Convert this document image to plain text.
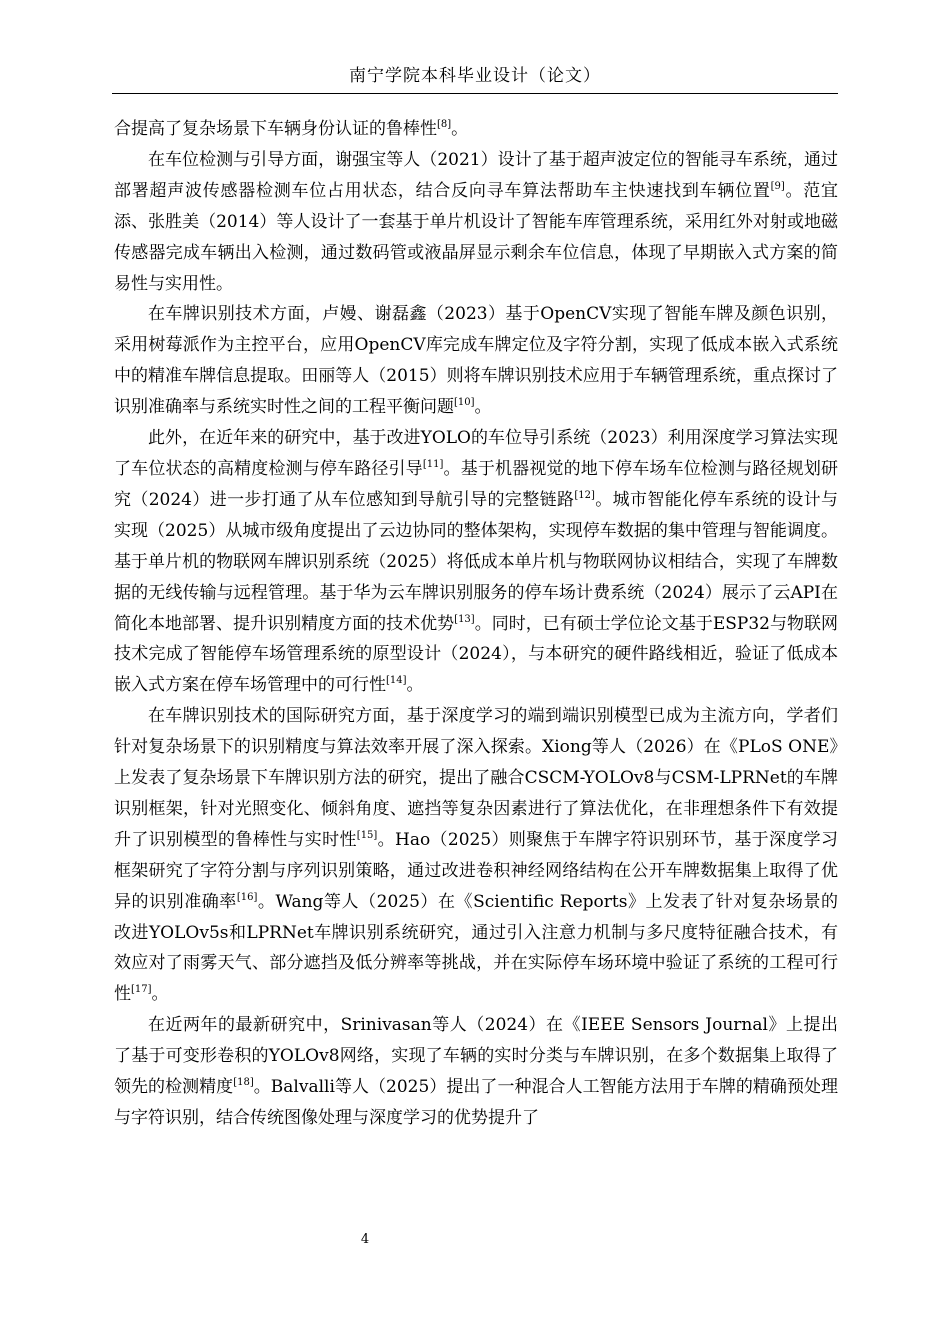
南宁学院本科毕业设计（论文）

合提高了复杂场景下车辆身份认证的鲁棒性[8]。

在车位检测与引导方面，谢强宝等人（2021）设计了基于超声波定位的智能寻车系统，通过部署超声波传感器检测车位占用状态，结合反向寻车算法帮助车主快速找到车辆位置[9]。范宜添、张胜美（2014）等人设计了一套基于单片机设计了智能车库管理系统，采用红外对射或地磁传感器完成车辆出入检测，通过数码管或液晶屏显示剩余车位信息，体现了早期嵌入式方案的简易性与实用性。

在车牌识别技术方面，卢嫚、谢磊鑫（2023）基于OpenCV实现了智能车牌及颜色识别，采用树莓派作为主控平台，应用OpenCV库完成车牌定位及字符分割，实现了低成本嵌入式系统中的精准车牌信息提取。田丽等人（2015）则将车牌识别技术应用于车辆管理系统，重点探讨了识别准确率与系统实时性之间的工程平衡问题[10]。

此外，在近年来的研究中，基于改进YOLO的车位导引系统（2023）利用深度学习算法实现了车位状态的高精度检测与停车路径引导[11]。基于机器视觉的地下停车场车位检测与路径规划研究（2024）进一步打通了从车位感知到导航引导的完整链路[12]。城市智能化停车系统的设计与实现（2025）从城市级角度提出了云边协同的整体架构，实现停车数据的集中管理与智能调度。基于单片机的物联网车牌识别系统（2025）将低成本单片机与物联网协议相结合，实现了车牌数据的无线传输与远程管理。基于华为云车牌识别服务的停车场计费系统（2024）展示了云API在简化本地部署、提升识别精度方面的技术优势[13]。同时，已有硕士学位论文基于ESP32与物联网技术完成了智能停车场管理系统的原型设计（2024），与本研究的硬件路线相近，验证了低成本嵌入式方案在停车场管理中的可行性[14]。

在车牌识别技术的国际研究方面，基于深度学习的端到端识别模型已成为主流方向，学者们针对复杂场景下的识别精度与算法效率开展了深入探索。Xiong等人（2026）在《PLoS ONE》上发表了复杂场景下车牌识别方法的研究，提出了融合CSCM-YOLOv8与CSM-LPRNet的车牌识别框架，针对光照变化、倾斜角度、遮挡等复杂因素进行了算法优化，在非理想条件下有效提升了识别模型的鲁棒性与实时性[15]。Hao（2025）则聚焦于车牌字符识别环节，基于深度学习框架研究了字符分割与序列识别策略，通过改进卷积神经网络结构在公开车牌数据集上取得了优异的识别准确率[16]。Wang等人（2025）在《Scientific Reports》上发表了针对复杂场景的改进YOLOv5s和LPRNet车牌识别系统研究，通过引入注意力机制与多尺度特征融合技术，有效应对了雨雾天气、部分遮挡及低分辨率等挑战，并在实际停车场环境中验证了系统的工程可行性[17]。

在近两年的最新研究中，Srinivasan等人（2024）在《IEEE Sensors Journal》上提出了基于可变形卷积的YOLOv8网络，实现了车辆的实时分类与车牌识别，在多个数据集上取得了领先的检测精度[18]。Balvalli等人（2025）提出了一种混合人工智能方法用于车牌的精确预处理与字符识别，结合传统图像处理与深度学习的优势提升了

4
